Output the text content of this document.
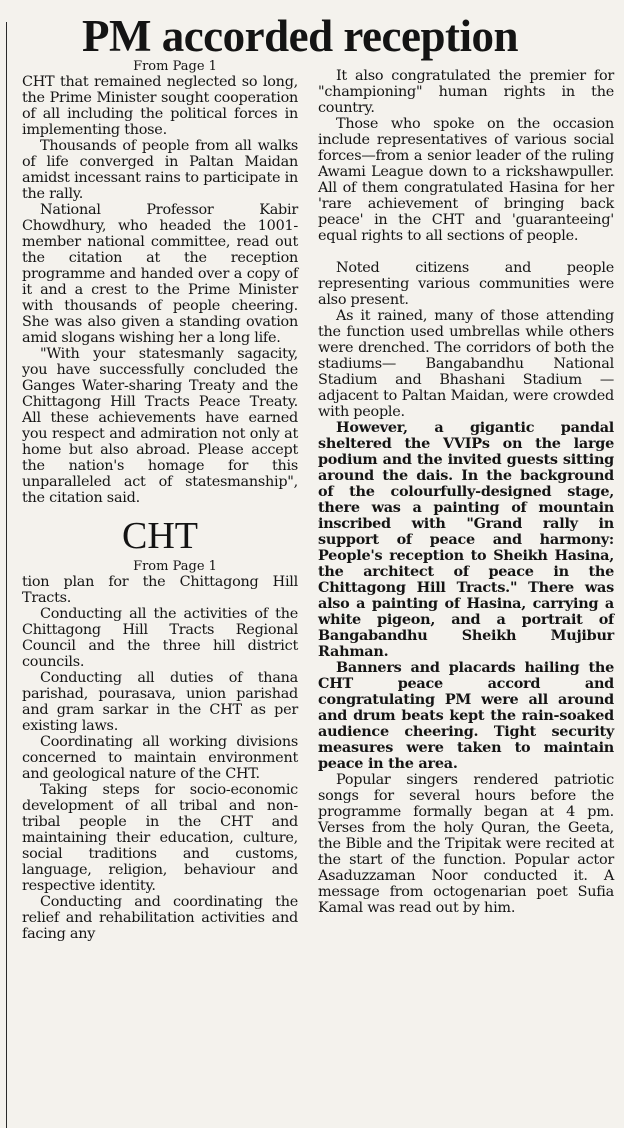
PM accorded reception

From Page 1

CHT that remained neglected so long, the Prime Minister sought cooperation of all including the political forces in implementing those.

Thousands of people from all walks of life converged in Paltan Maidan amidst incessant rains to participate in the rally.

National Professor Kabir Chowdhury, who headed the 1001-member national committee, read out the citation at the reception programme and handed over a copy of it and a crest to the Prime Minister with thousands of people cheering. She was also given a standing ovation amid slogans wishing her a long life.

"With your statesmanly sagacity, you have successfully concluded the Ganges Water-sharing Treaty and the Chittagong Hill Tracts Peace Treaty. All these achievements have earned you respect and admiration not only at home but also abroad. Please accept the nation's homage for this unparalleled act of statesmanship", the citation said.

CHT

From Page 1

tion plan for the Chittagong Hill Tracts.

Conducting all the activities of the Chittagong Hill Tracts Regional Council and the three hill district councils.

Conducting all duties of thana parishad, pourasava, union parishad and gram sarkar in the CHT as per existing laws.

Coordinating all working divisions concerned to maintain environment and geological nature of the CHT.

Taking steps for socio-economic development of all tribal and non-tribal people in the CHT and maintaining their education, culture, social traditions and customs, language, religion, behaviour and respective identity.

Conducting and coordinating the relief and rehabilitation activities and facing any

It also congratulated the premier for "championing" human rights in the country.

Those who spoke on the occasion include representatives of various social forces—from a senior leader of the ruling Awami League down to a rickshawpuller. All of them congratulated Hasina for her 'rare achievement of bringing back peace' in the CHT and 'guaranteeing' equal rights to all sections of people.

Noted citizens and people representing various communities were also present.

As it rained, many of those attending the function used umbrellas while others were drenched. The corridors of both the stadiums— Bangabandhu National Stadium and Bhashani Stadium — adjacent to Paltan Maidan, were crowded with people.

However, a gigantic pandal sheltered the VVIPs on the large podium and the invited guests sitting around the dais. In the background of the colourfully-designed stage, there was a painting of mountain inscribed with "Grand rally in support of peace and harmony: People's reception to Sheikh Hasina, the architect of peace in the Chittagong Hill Tracts." There was also a painting of Hasina, carrying a white pigeon, and a portrait of Bangabandhu Sheikh Mujibur Rahman.

Banners and placards hailing the CHT peace accord and congratulating PM were all around and drum beats kept the rain-soaked audience cheering. Tight security measures were taken to maintain peace in the area.

Popular singers rendered patriotic songs for several hours before the programme formally began at 4 pm. Verses from the holy Quran, the Geeta, the Bible and the Tripitak were recited at the start of the function. Popular actor Asaduzzaman Noor conducted it. A message from octogenarian poet Sufia Kamal was read out by him.
